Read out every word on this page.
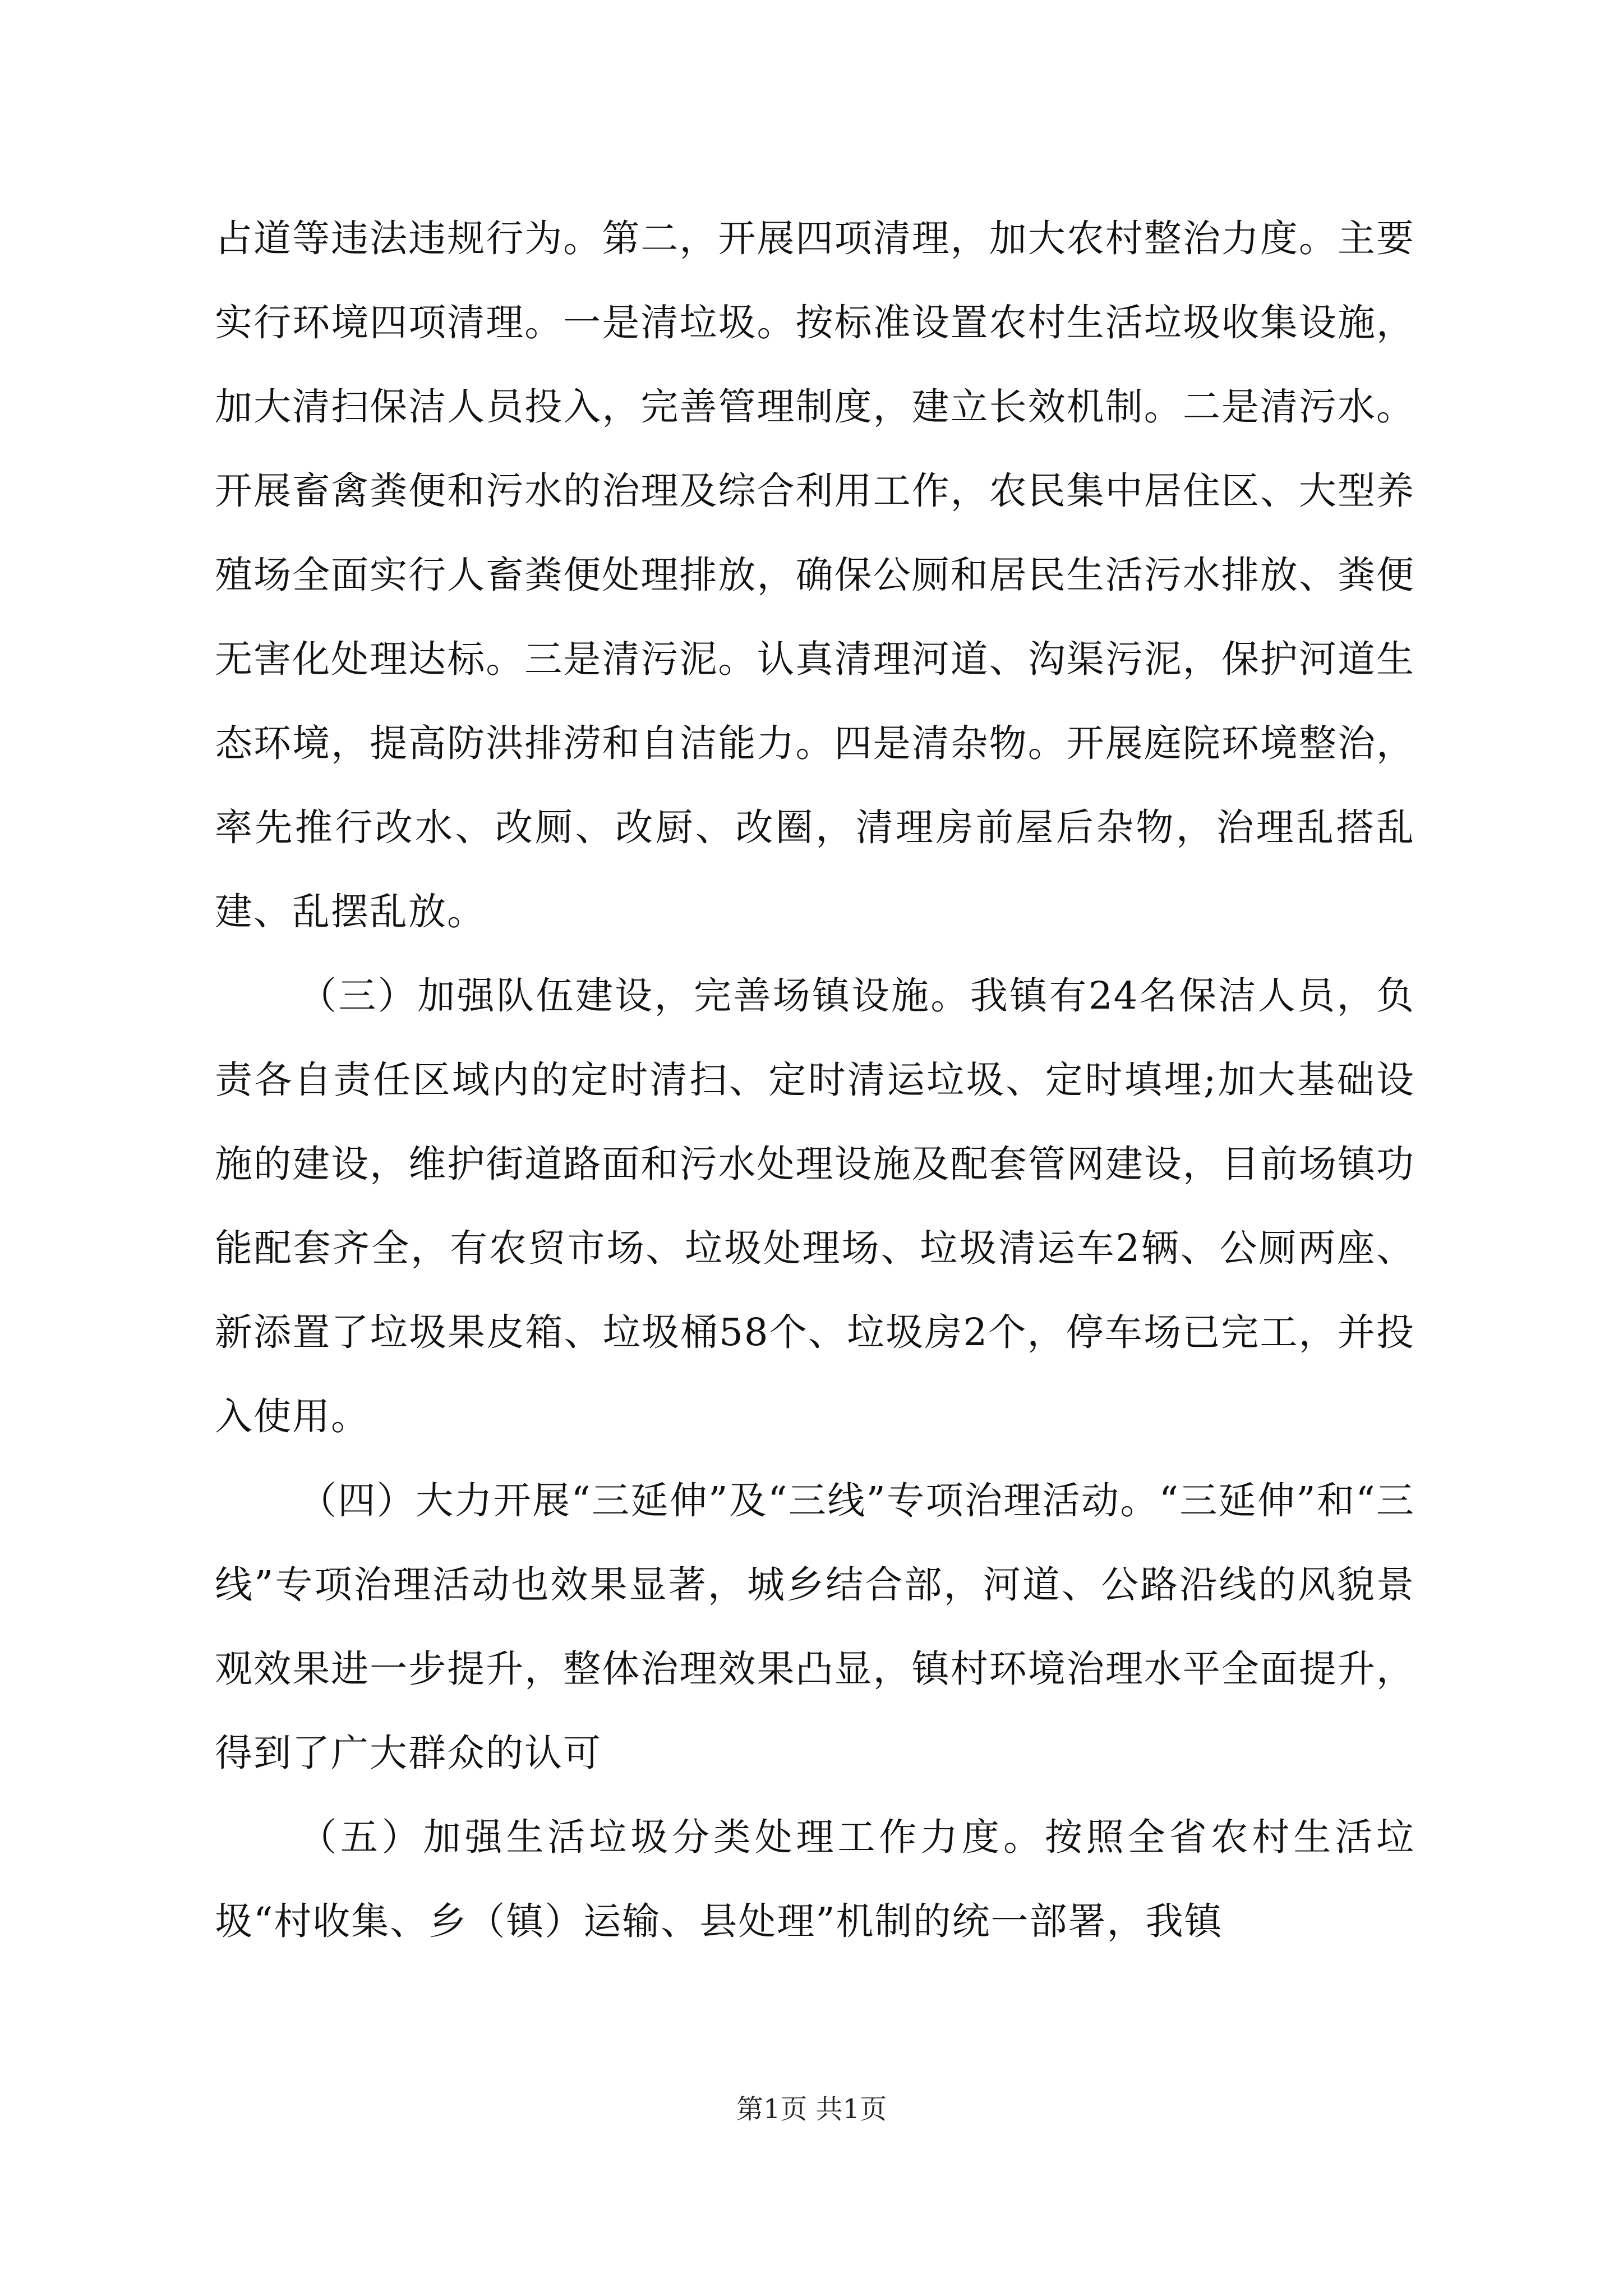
占道等违法违规行为。第二，开展四项清理，加大农村整治力度。主要实行环境四项清理。一是清垃圾。按标准设置农村生活垃圾收集设施，加大清扫保洁人员投入，完善管理制度，建立长效机制。二是清污水。开展畜禽粪便和污水的治理及综合利用工作，农民集中居住区、大型养殖场全面实行人畜粪便处理排放，确保公厕和居民生活污水排放、粪便无害化处理达标。三是清污泥。认真清理河道、沟渠污泥，保护河道生态环境，提高防洪排涝和自洁能力。四是清杂物。开展庭院环境整治，率先推行改水、改厕、改厨、改圈，清理房前屋后杂物，治理乱搭乱建、乱摆乱放。

（三）加强队伍建设，完善场镇设施。我镇有24名保洁人员，负责各自责任区域内的定时清扫、定时清运垃圾、定时填埋;加大基础设施的建设，维护街道路面和污水处理设施及配套管网建设，目前场镇功能配套齐全，有农贸市场、垃圾处理场、垃圾清运车2辆、公厕两座、新添置了垃圾果皮箱、垃圾桶58个、垃圾房2个，停车场已完工，并投入使用。

（四）大力开展“三延伸”及“三线”专项治理活动。“三延伸”和“三线”专项治理活动也效果显著，城乡结合部，河道、公路沿线的风貌景观效果进一步提升，整体治理效果凸显，镇村环境治理水平全面提升，得到了广大群众的认可

（五）加强生活垃圾分类处理工作力度。按照全省农村生活垃圾“村收集、乡（镇）运输、县处理”机制的统一部署，我镇

第1页 共1页
